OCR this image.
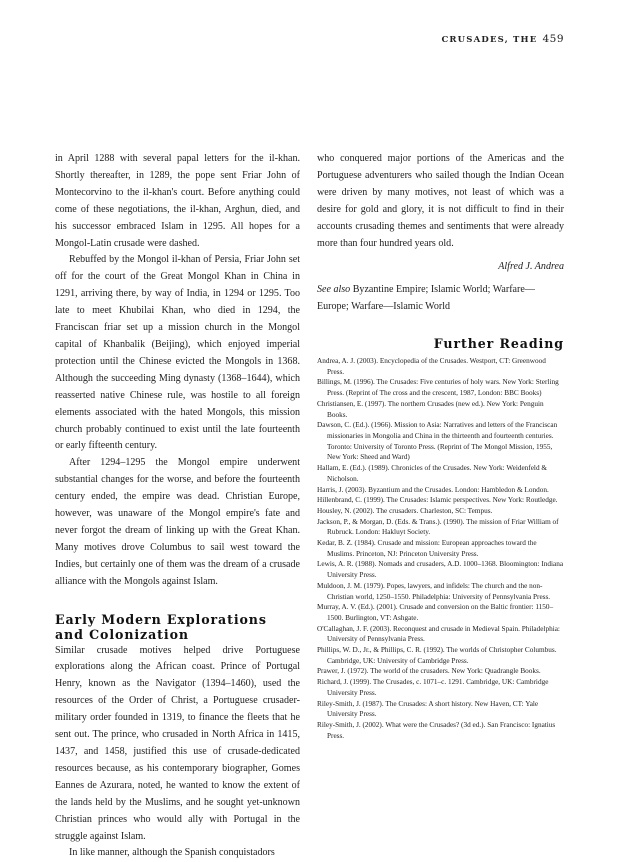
CRUSADES, THE 459

in April 1288 with several papal letters for the il-khan. Shortly thereafter, in 1289, the pope sent Friar John of Montecorvino to the il-khan's court. Before anything could come of these negotiations, the il-khan, Arghun, died, and his successor embraced Islam in 1295. All hopes for a Mongol-Latin crusade were dashed.

Rebuffed by the Mongol il-khan of Persia, Friar John set off for the court of the Great Mongol Khan in China in 1291, arriving there, by way of India, in 1294 or 1295. Too late to meet Khubilai Khan, who died in 1294, the Franciscan friar set up a mission church in the Mongol capital of Khanbalik (Beijing), which enjoyed imperial protection until the Chinese evicted the Mongols in 1368. Although the succeeding Ming dynasty (1368–1644), which reasserted native Chinese rule, was hostile to all foreign elements associated with the hated Mongols, this mission church probably continued to exist until the late fourteenth or early fifteenth century.

After 1294–1295 the Mongol empire underwent substantial changes for the worse, and before the fourteenth century ended, the empire was dead. Christian Europe, however, was unaware of the Mongol empire's fate and never forgot the dream of linking up with the Great Khan. Many motives drove Columbus to sail west toward the Indies, but certainly one of them was the dream of a crusade alliance with the Mongols against Islam.

Early Modern Explorations and Colonization

Similar crusade motives helped drive Portuguese explorations along the African coast. Prince of Portugal Henry, known as the Navigator (1394–1460), used the resources of the Order of Christ, a Portuguese crusader-military order founded in 1319, to finance the fleets that he sent out. The prince, who crusaded in North Africa in 1415, 1437, and 1458, justified this use of crusade-dedicated resources because, as his contemporary biographer, Gomes Eannes de Azurara, noted, he wanted to know the extent of the lands held by the Muslims, and he sought yet-unknown Christian princes who would ally with Portugal in the struggle against Islam.

In like manner, although the Spanish conquistadors

who conquered major portions of the Americas and the Portuguese adventurers who sailed though the Indian Ocean were driven by many motives, not least of which was a desire for gold and glory, it is not difficult to find in their accounts crusading themes and sentiments that were already more than four hundred years old.

Alfred J. Andrea

See also Byzantine Empire; Islamic World; Warfare—Europe; Warfare—Islamic World

Further Reading

Andrea, A. J. (2003). Encyclopedia of the Crusades. Westport, CT: Greenwood Press.

Billings, M. (1996). The Crusades: Five centuries of holy wars. New York: Sterling Press. (Reprint of The cross and the crescent, 1987, London: BBC Books)

Christiansen, E. (1997). The northern Crusades (new ed.). New York: Penguin Books.

Dawson, C. (Ed.). (1966). Mission to Asia: Narratives and letters of the Franciscan missionaries in Mongolia and China in the thirteenth and fourteenth centuries. Toronto: University of Toronto Press. (Reprint of The Mongol Mission, 1955, New York: Sheed and Ward)

Hallam, E. (Ed.). (1989). Chronicles of the Crusades. New York: Weidenfeld & Nicholson.

Harris, J. (2003). Byzantium and the Crusades. London: Hambledon & London.

Hillenbrand, C. (1999). The Crusades: Islamic perspectives. New York: Routledge.

Housley, N. (2002). The crusaders. Charleston, SC: Tempus.

Jackson, P., & Morgan, D. (Eds. & Trans.). (1990). The mission of Friar William of Rubruck. London: Hakluyt Society.

Kedar, B. Z. (1984). Crusade and mission: European approaches toward the Muslims. Princeton, NJ: Princeton University Press.

Lewis, A. R. (1988). Nomads and crusaders, A.D. 1000–1368. Bloomington: Indiana University Press.

Muldoon, J. M. (1979). Popes, lawyers, and infidels: The church and the non-Christian world, 1250–1550. Philadelphia: University of Pennsylvania Press.

Murray, A. V. (Ed.). (2001). Crusade and conversion on the Baltic frontier: 1150–1500. Burlington, VT: Ashgate.

O'Callaghan, J. F. (2003). Reconquest and crusade in Medieval Spain. Philadelphia: University of Pennsylvania Press.

Phillips, W. D., Jr., & Phillips, C. R. (1992). The worlds of Christopher Columbus. Cambridge, UK: University of Cambridge Press.

Prawer, J. (1972). The world of the crusaders. New York: Quadrangle Books.

Richard, J. (1999). The Crusades, c. 1071–c. 1291. Cambridge, UK: Cambridge University Press.

Riley-Smith, J. (1987). The Crusades: A short history. New Haven, CT: Yale University Press.

Riley-Smith, J. (2002). What were the Crusades? (3d ed.). San Francisco: Ignatius Press.
